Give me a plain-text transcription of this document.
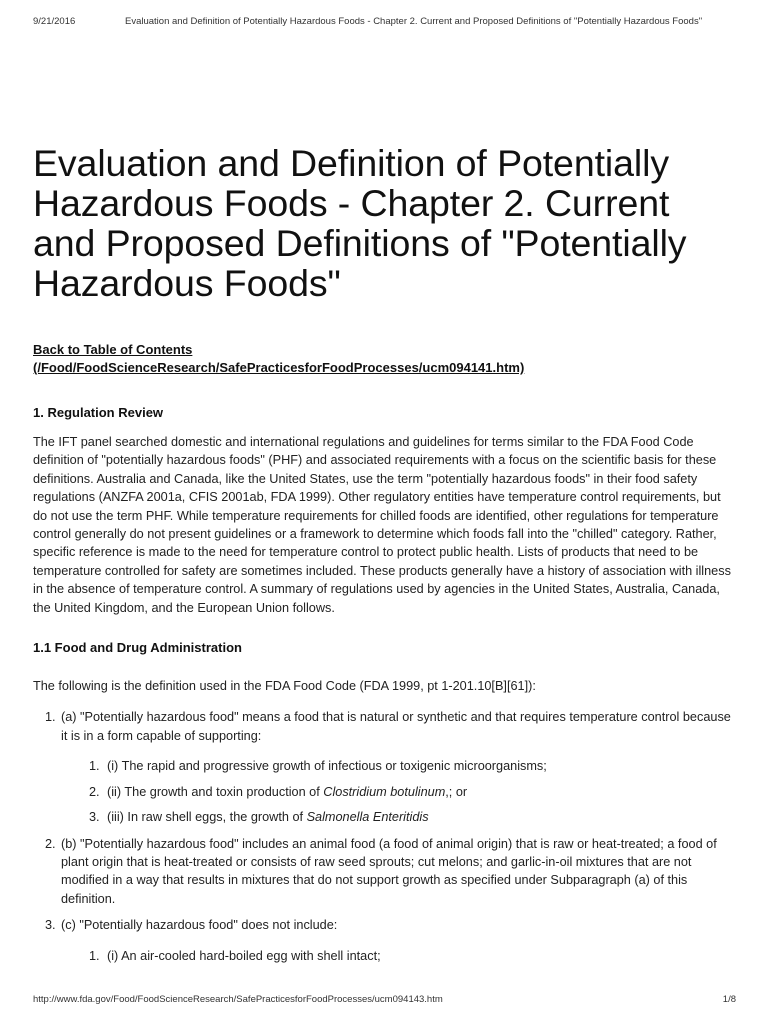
9/21/2016	Evaluation and Definition of Potentially Hazardous Foods - Chapter 2. Current and Proposed Definitions of "Potentially Hazardous Foods"
Evaluation and Definition of Potentially Hazardous Foods - Chapter 2. Current and Proposed Definitions of "Potentially Hazardous Foods"
Back to Table of Contents
(/Food/FoodScienceResearch/SafePracticesforFoodProcesses/ucm094141.htm)
1. Regulation Review

The IFT panel searched domestic and international regulations and guidelines for terms similar to the FDA Food Code definition of "potentially hazardous foods" (PHF) and associated requirements with a focus on the scientific basis for these definitions. Australia and Canada, like the United States, use the term "potentially hazardous foods" in their food safety regulations (ANZFA 2001a, CFIS 2001ab, FDA 1999). Other regulatory entities have temperature control requirements, but do not use the term PHF. While temperature requirements for chilled foods are identified, other regulations for temperature control generally do not present guidelines or a framework to determine which foods fall into the "chilled" category. Rather, specific reference is made to the need for temperature control to protect public health. Lists of products that need to be temperature controlled for safety are sometimes included. These products generally have a history of association with illness in the absence of temperature control. A summary of regulations used by agencies in the United States, Australia, Canada, the United Kingdom, and the European Union follows.

1.1 Food and Drug Administration

The following is the definition used in the FDA Food Code (FDA 1999, pt 1-201.10[B][61]):

1. (a) "Potentially hazardous food" means a food that is natural or synthetic and that requires temperature control because it is in a form capable of supporting:
1. (i) The rapid and progressive growth of infectious or toxigenic microorganisms;
2. (ii) The growth and toxin production of Clostridium botulinum,; or
3. (iii) In raw shell eggs, the growth of Salmonella Enteritidis
2. (b) "Potentially hazardous food" includes an animal food (a food of animal origin) that is raw or heat-treated; a food of plant origin that is heat-treated or consists of raw seed sprouts; cut melons; and garlic-in-oil mixtures that are not modified in a way that results in mixtures that do not support growth as specified under Subparagraph (a) of this definition.
3. (c) "Potentially hazardous food" does not include:
1. (i) An air-cooled hard-boiled egg with shell intact;
http://www.fda.gov/Food/FoodScienceResearch/SafePracticesforFoodProcesses/ucm094143.htm	1/8
